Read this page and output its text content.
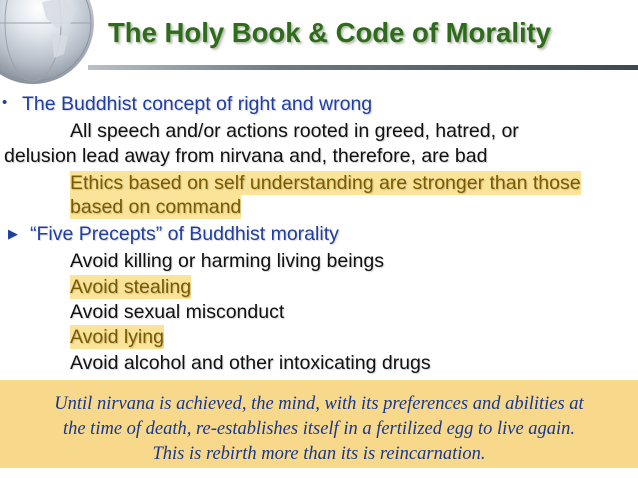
The Holy Book & Code of Morality
• The Buddhist concept of right and wrong
All speech and/or actions rooted in greed, hatred, or
delusion lead away from nirvana and, therefore, are bad
Ethics based on self understanding are stronger than those
based on command
▶ “Five Precepts” of Buddhist morality
Avoid killing or harming living beings
Avoid stealing
Avoid sexual misconduct
Avoid lying
Avoid alcohol and other intoxicating drugs

Until nirvana is achieved, the mind, with its preferences and abilities at

the time of death, re-establishes itself in a fertilized egg to live again.

This is rebirth more than its is reincarnation.
